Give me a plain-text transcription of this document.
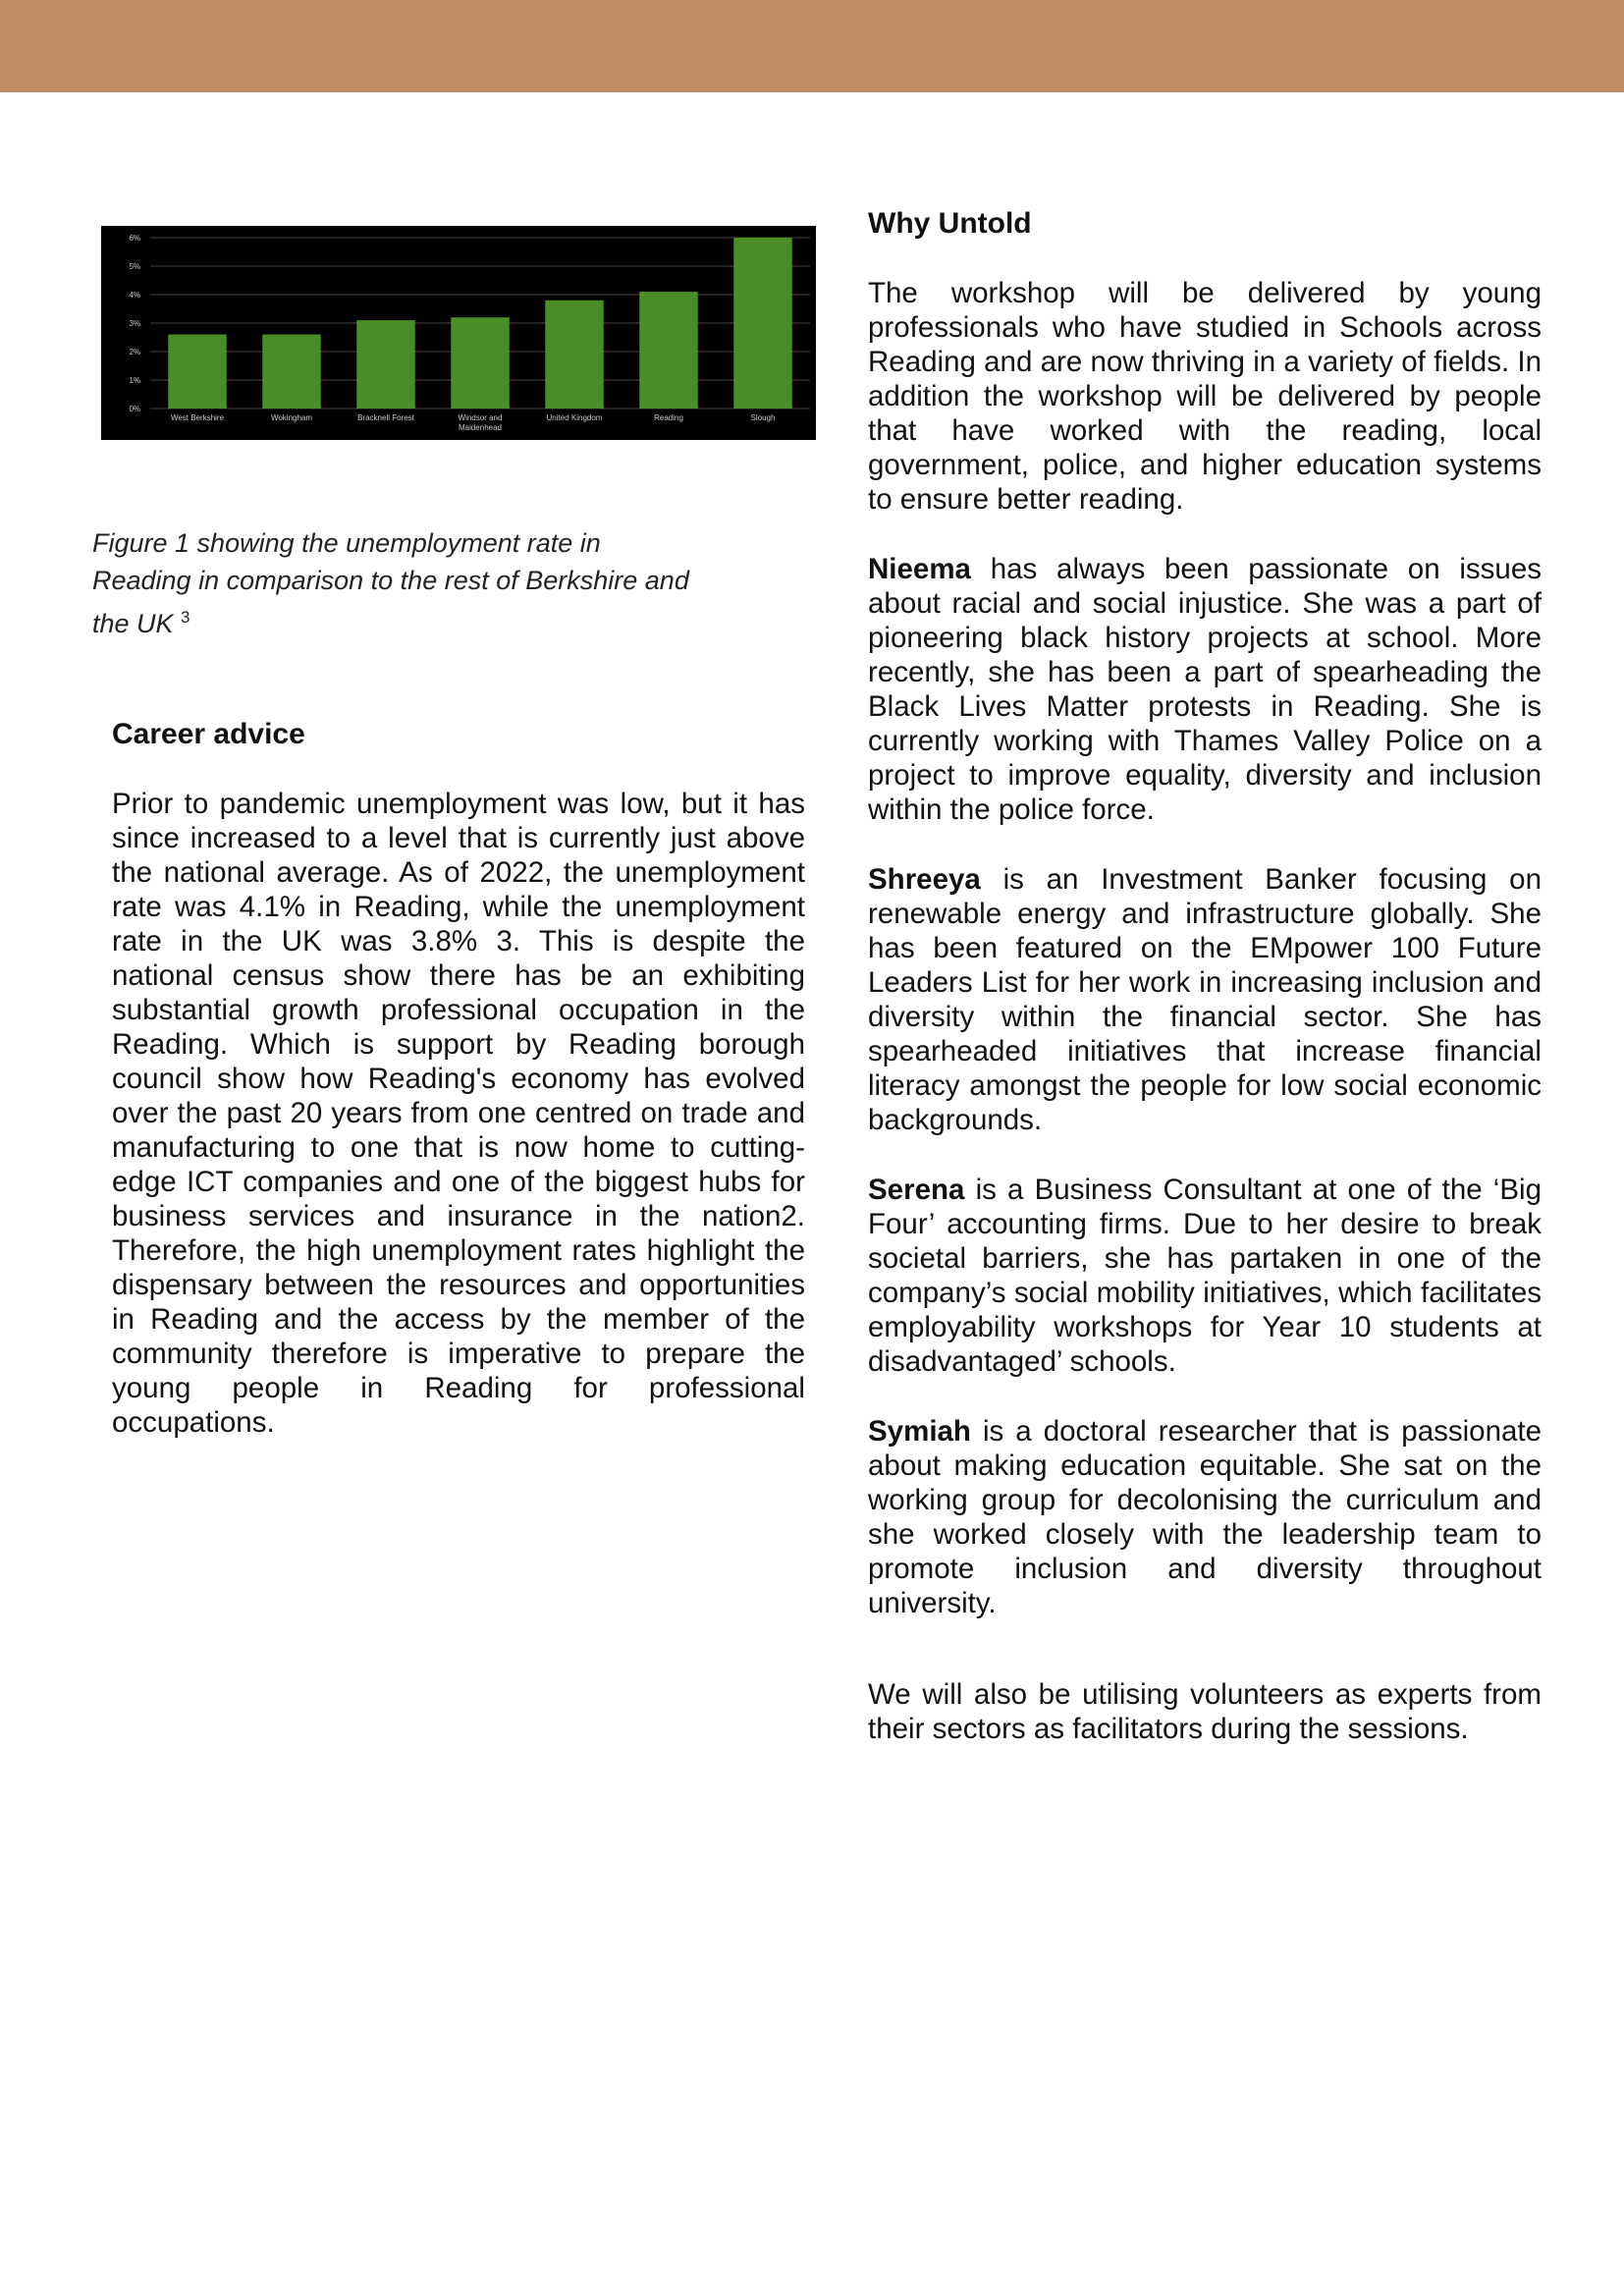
0%
1%
2%
3%
4%
5%
6%
West Berkshire	Wokingham	Bracknell Forest	Windsor and
Maidenhead
United Kingdom	Reading	Slough
Figure 1 showing the unemployment rate in
Reading in comparison to the rest of Berkshire and
the UK $^3$
Career advice

Prior to pandemic unemployment was low, but it has since increased to a level that is currently just above the national average. As of 2022, the unemployment rate was 4.1% in Reading, while the unemployment rate in the UK was 3.8% 3. This is despite the national census show there has be an exhibiting substantial growth professional occupation in the Reading. Which is support by Reading borough council show how Reading's economy has evolved over the past 20 years from one centred on trade and manufacturing to one that is now home to cutting-edge ICT companies and one of the biggest hubs for business services and insurance in the nation2. Therefore, the high unemployment rates highlight the dispensary between the resources and opportunities in Reading and the access by the member of the community therefore is imperative to prepare the young people in Reading for professional occupations.

Why Untold

The workshop will be delivered by young professionals who have studied in Schools across Reading and are now thriving in a variety of fields. In addition the workshop will be delivered by people that have worked with the reading, local government, police, and higher education systems to ensure better reading.

Nieema has always been passionate on issues about racial and social injustice. She was a part of pioneering black history projects at school. More recently, she has been a part of spearheading the Black Lives Matter protests in Reading. She is currently working with Thames Valley Police on a project to improve equality, diversity and inclusion within the police force.

Shreeya is an Investment Banker focusing on renewable energy and infrastructure globally. She has been featured on the EMpower 100 Future Leaders List for her work in increasing inclusion and diversity within the financial sector. She has spearheaded initiatives that increase financial literacy amongst the people for low social economic backgrounds.

Serena is a Business Consultant at one of the ‘Big Four’ accounting firms. Due to her desire to break societal barriers, she has partaken in one of the company’s social mobility initiatives, which facilitates employability workshops for Year 10 students at disadvantaged’ schools.

Symiah is a doctoral researcher that is passionate about making education equitable. She sat on the working group for decolonising the curriculum and she worked closely with the leadership team to promote inclusion and diversity throughout university.

We will also be utilising volunteers as experts from their sectors as facilitators during the sessions.
